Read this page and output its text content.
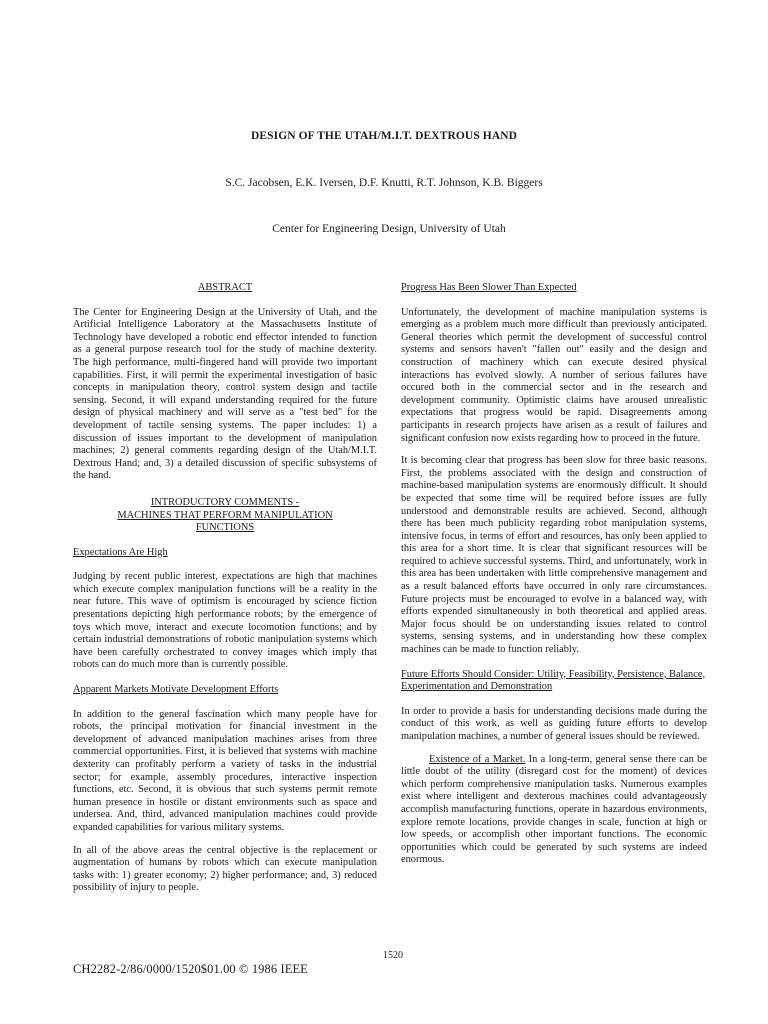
DESIGN OF THE UTAH/M.I.T. DEXTROUS HAND
S.C. Jacobsen, E.K. Iversen, D.F. Knutti, R.T. Johnson, K.B. Biggers
Center for Engineering Design, University of Utah
ABSTRACT

The Center for Engineering Design at the University of Utah, and the Artificial Intelligence Laboratory at the Massachusetts Institute of Technology have developed a robotic end effector intended to function as a general purpose research tool for the study of machine dexterity. The high performance, multi-fingered hand will provide two important capabilities. First, it will permit the experimental investigation of basic concepts in manipulation theory, control system design and tactile sensing. Second, it will expand understanding required for the future design of physical machinery and will serve as a "test bed" for the development of tactile sensing systems. The paper includes: 1) a discussion of issues important to the development of manipulation machines; 2) general comments regarding design of the Utah/M.I.T. Dextrous Hand; and, 3) a detailed discussion of specific subsystems of the hand.

INTRODUCTORY COMMENTS -
MACHINES THAT PERFORM MANIPULATION
FUNCTIONS
Expectations Are High

Judging by recent public interest, expectations are high that machines which execute complex manipulation functions will be a reality in the near future. This wave of optimism is encouraged by science fiction presentations depicting high performance robots; by the emergence of toys which move, interact and execute locomotion functions; and by certain industrial demonstrations of robotic manipulation systems which have been carefully orchestrated to convey images which imply that robots can do much more than is currently possible.

Apparent Markets Motivate Development Efforts

In addition to the general fascination which many people have for robots, the principal motivation for financial investment in the development of advanced manipulation machines arises from three commercial opportunities. First, it is believed that systems with machine dexterity can profitably perform a variety of tasks in the industrial sector; for example, assembly procedures, interactive inspection functions, etc. Second, it is obvious that such systems permit remote human presence in hostile or distant environments such as space and undersea. And, third, advanced manipulation machines could provide expanded capabilities for various military systems.

In all of the above areas the central objective is the replacement or augmentation of humans by robots which can execute manipulation tasks with: 1) greater economy; 2) higher performance; and, 3) reduced possibility of injury to people.

Progress Has Been Slower Than Expected

Unfortunately, the development of machine manipulation systems is emerging as a problem much more difficult than previously anticipated. General theories which permit the development of successful control systems and sensors haven't "fallen out" easily and the design and construction of machinery which can execute desired physical interactions has evolved slowly. A number of serious failures have occured both in the commercial sector and in the research and development community. Optimistic claims have aroused unrealistic expectations that progress would be rapid. Disagreements among participants in research projects have arisen as a result of failures and significant confusion now exists regarding how to proceed in the future.

It is becoming clear that progress has been slow for three basic reasons. First, the problems associated with the design and construction of machine-based manipulation systems are enormously difficult. It should be expected that some time will be required before issues are fully understood and demonstrable results are achieved. Second, although there has been much publicity regarding robot manipulation systems, intensive focus, in terms of effort and resources, has only been applied to this area for a short time. It is clear that significant resources will be required to achieve successful systems. Third, and unfortunately, work in this area has been undertaken with little comprehensive management and as a result balanced efforts have occurred in only rare circumstances. Future projects must be encouraged to evolve in a balanced way, with efforts expended simultaneously in both theoretical and applied areas. Major focus should be on understanding issues related to control systems, sensing systems, and in understanding how these complex machines can be made to function reliably.

Future Efforts Should Consider: Utility, Feasibility, Persistence, Balance, Experimentation and Demonstration

In order to provide a basis for understanding decisions made during the conduct of this work, as well as guiding future efforts to develop manipulation machines, a number of general issues should be reviewed.

Existence of a Market. In a long-term, general sense there can be little doubt of the utility (disregard cost for the moment) of devices which perform comprehensive manipulation tasks. Numerous examples exist where intelligent and dexterous machines could advantageously accomplish manufacturing functions, operate in hazardous environments, explore remote locations, provide changes in scale, function at high or low speeds, or accomplish other important functions. The economic opportunities which could be generated by such systems are indeed enormous.

1520
CH2282-2/86/0000/1520$01.00 © 1986 IEEE
